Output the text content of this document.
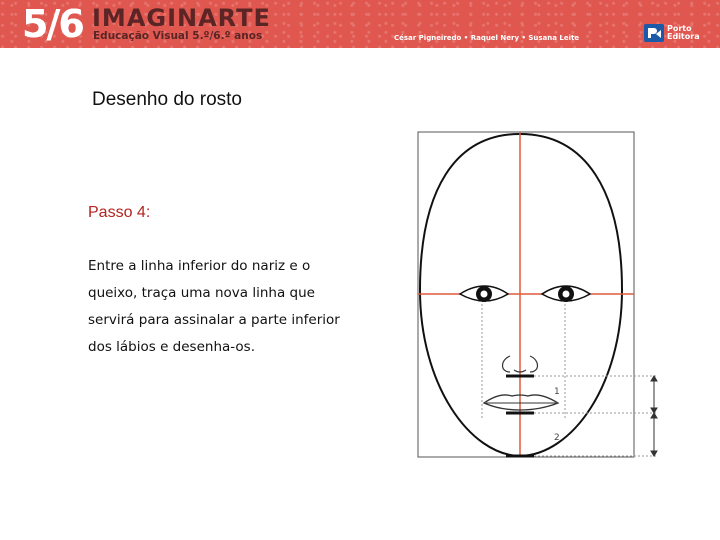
5/6 IMAGINARTE
Educação Visual 5.º/6.º anos	César Pigneiredo • Raquel Nery • Susana Leite
Porto
Editora
Desenho do rosto
Passo 4:
Entre a linha inferior do nariz e o queixo, traça uma nova linha que servirá para assinalar a parte inferior dos lábios e desenha-os.
1
2
